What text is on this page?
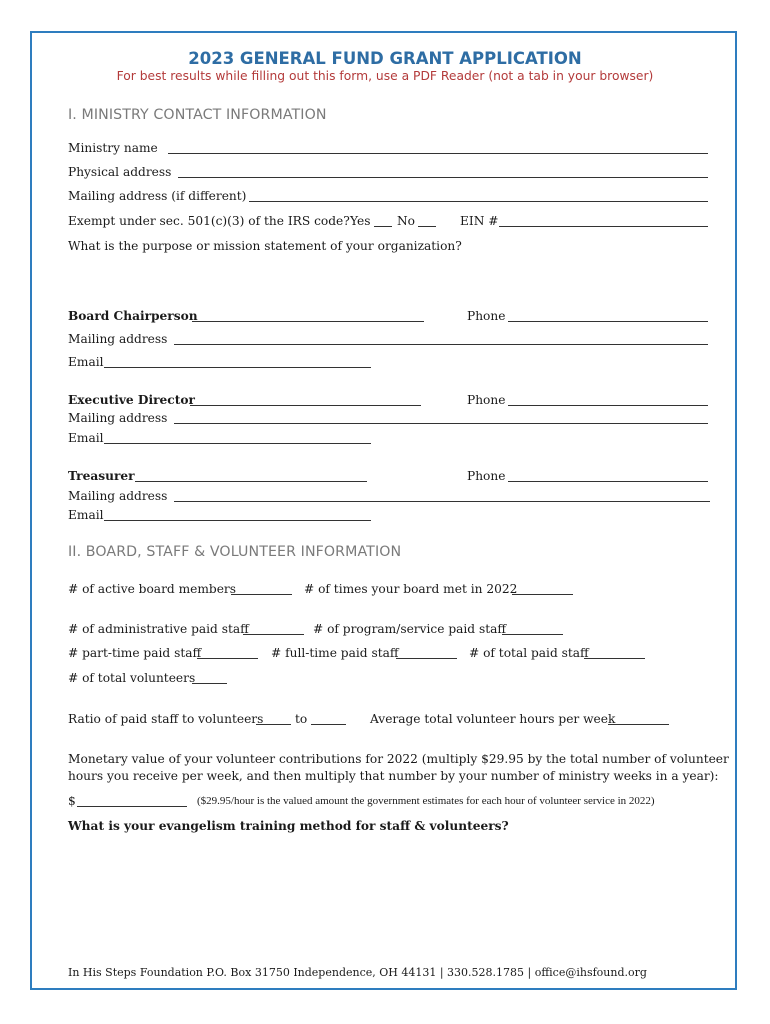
2023 GENERAL FUND GRANT APPLICATION
For best results while filling out this form, use a PDF Reader (not a tab in your browser)
I. MINISTRY CONTACT INFORMATION
Ministry name
Physical address
Mailing address (if different)
Exempt under sec. 501(c)(3) of the IRS code? Yes No	EIN #
What is the purpose or mission statement of your organization?
Board Chairperson	Phone
Mailing address
Email
Executive Director	Phone
Mailing address
Email
Treasurer	Phone
Mailing address
Email
II. BOARD, STAFF & VOLUNTEER INFORMATION
# of active board members	# of times your board met in 2022
# of administrative paid staff	# of program/service paid staff
# part-time paid staff	# full-time paid staff	# of total paid staff
# of total volunteers
Ratio of paid staff to volunteers	to	Average total volunteer hours per week
Monetary value of your volunteer contributions for 2022 (multiply $29.95 by the total number of volunteer
hours you receive per week, and then multiply that number by your number of ministry weeks in a year):
$	($29.95/hour is the valued amount the government estimates for each hour of volunteer service in 2022)
What is your evangelism training method for staff & volunteers?
In His Steps Foundation P.O. Box 31750 Independence, OH 44131 | 330.528.1785 | office@ihsfound.org
